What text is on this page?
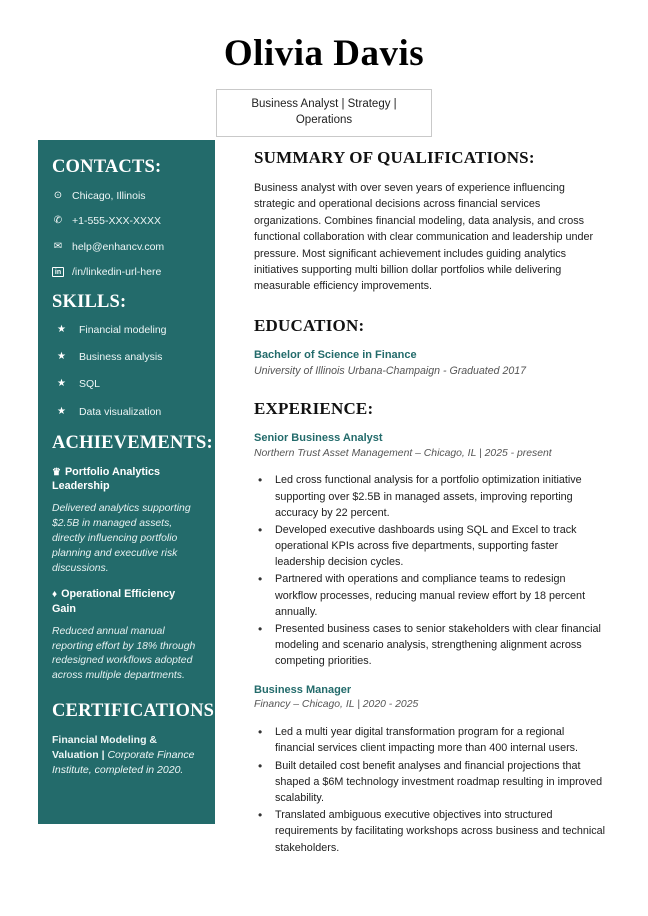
Olivia Davis
Business Analyst | Strategy | Operations
CONTACTS:
⊙ Chicago, Illinois
✆ +1-555-XXX-XXXX
✉ help@enhancv.com
in /in/linkedin-url-here
SKILLS:
★ Financial modeling
★ Business analysis
★ SQL
★ Data visualization
ACHIEVEMENTS:
♛ Portfolio Analytics Leadership
Delivered analytics supporting $2.5B in managed assets, directly influencing portfolio planning and executive risk discussions.
♦ Operational Efficiency Gain
Reduced annual manual reporting effort by 18% through redesigned workflows adopted across multiple departments.
CERTIFICATIONS:
Financial Modeling & Valuation | Corporate Finance Institute, completed in 2020.
SUMMARY OF QUALIFICATIONS:

Business analyst with over seven years of experience influencing strategic and operational decisions across financial services organizations. Combines financial modeling, data analysis, and cross functional collaboration with clear communication and leadership under pressure. Most significant achievement includes guiding analytics initiatives supporting multi billion dollar portfolios while delivering measurable efficiency improvements.

EDUCATION:
Bachelor of Science in Finance
University of Illinois Urbana-Champaign - Graduated 2017
EXPERIENCE:
Senior Business Analyst
Northern Trust Asset Management – Chicago, IL | 2025 - present
• Led cross functional analysis for a portfolio optimization initiative supporting over $2.5B in managed assets, improving reporting accuracy by 22 percent.
• Developed executive dashboards using SQL and Excel to track operational KPIs across five departments, supporting faster leadership decision cycles.
• Partnered with operations and compliance teams to redesign workflow processes, reducing manual review effort by 18 percent annually.
• Presented business cases to senior stakeholders with clear financial modeling and scenario analysis, strengthening alignment across competing priorities.
Business Manager
Financy – Chicago, IL | 2020 - 2025
• Led a multi year digital transformation program for a regional financial services client impacting more than 400 internal users.
• Built detailed cost benefit analyses and financial projections that shaped a $6M technology investment roadmap resulting in improved scalability.
• Translated ambiguous executive objectives into structured requirements by facilitating workshops across business and technical stakeholders.
